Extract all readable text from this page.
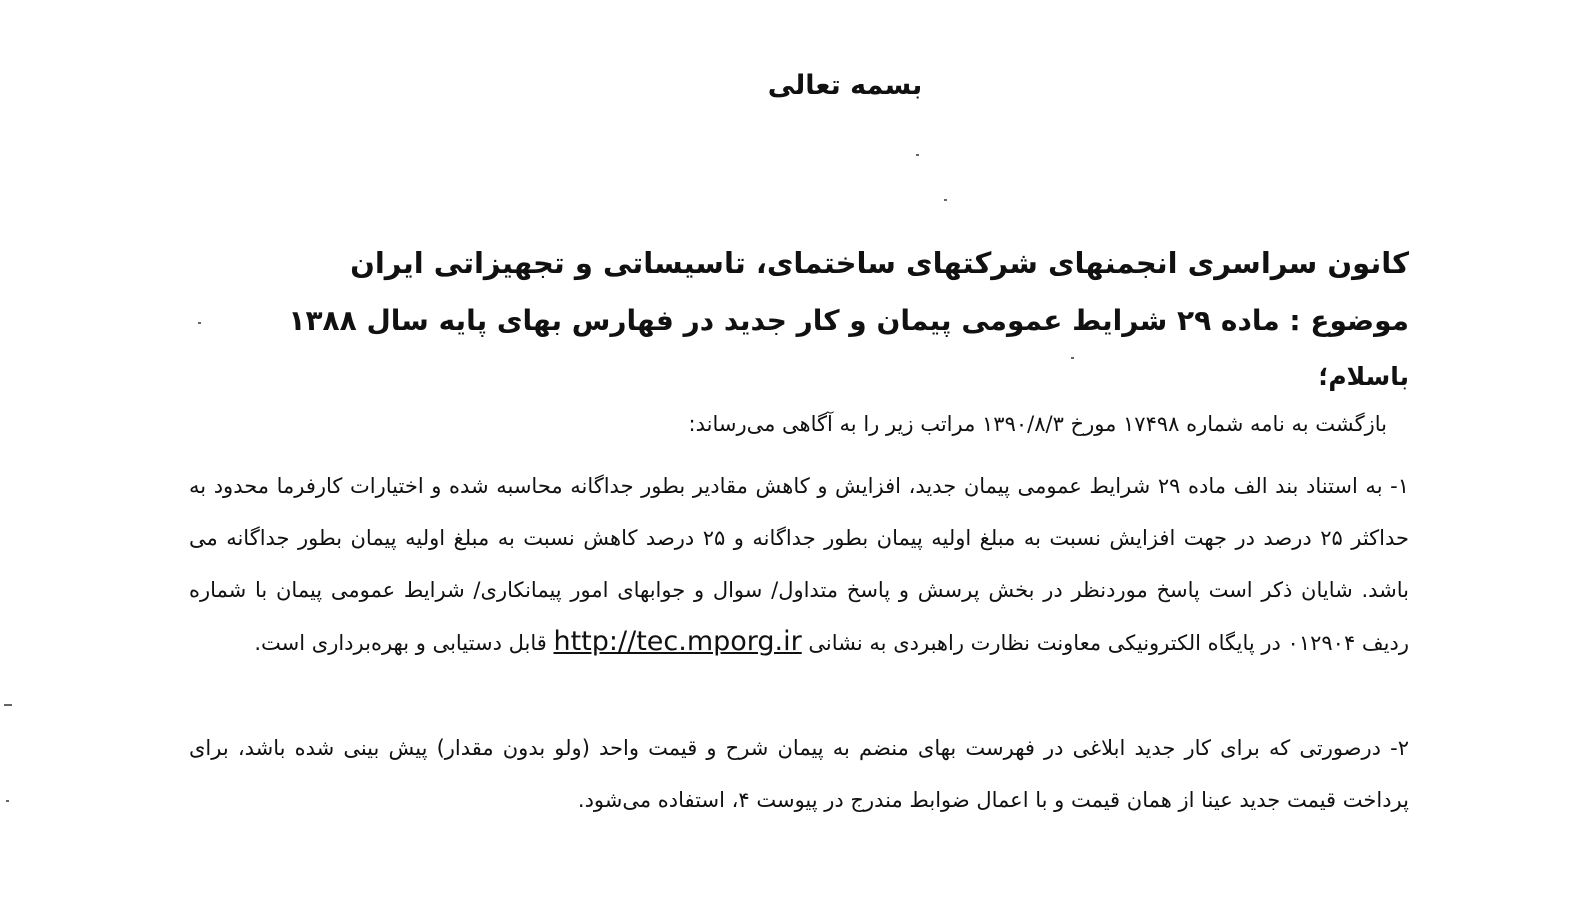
بسمه تعالی
کانون سراسری انجمنهای شرکتهای ساختمای، تاسیساتی و تجهیزاتی ایران
موضوع : ماده ۲۹ شرایط عمومی پیمان و کار جدید در فهارس بهای پایه سال ۱۳۸۸
باسلام؛
بازگشت به نامه شماره ۱۷۴۹۸ مورخ ۱۳۹۰/۸/۳ مراتب زیر را به آگاهی می‌رساند:
۱- به استناد بند الف ماده ۲۹ شرایط عمومی پیمان جدید، افزایش و کاهش مقادیر بطور جداگانه محاسبه شده و اختیارات کارفرما محدود به حداکثر ۲۵ درصد در جهت افزایش نسبت به مبلغ اولیه پیمان بطور جداگانه و ۲۵ درصد کاهش نسبت به مبلغ اولیه پیمان بطور جداگانه می باشد. شایان ذکر است پاسخ موردنظر در بخش پرسش و پاسخ متداول/ سوال و جوابهای امور پیمانکاری/ شرایط عمومی پیمان با شماره ردیف ۰۱۲۹۰۴ در پایگاه الکترونیکی معاونت نظارت راهبردی به نشانی http://tec.mporg.ir قابل دستیابی و بهره‌برداری است.
۲- درصورتی که برای کار جدید ابلاغی در فهرست بهای منضم به پیمان شرح و قیمت واحد (ولو بدون مقدار) پیش بینی شده باشد، برای پرداخت قیمت جدید عینا از همان قیمت و با اعمال ضوابط مندرج در پیوست ۴، استفاده می‌شود.
